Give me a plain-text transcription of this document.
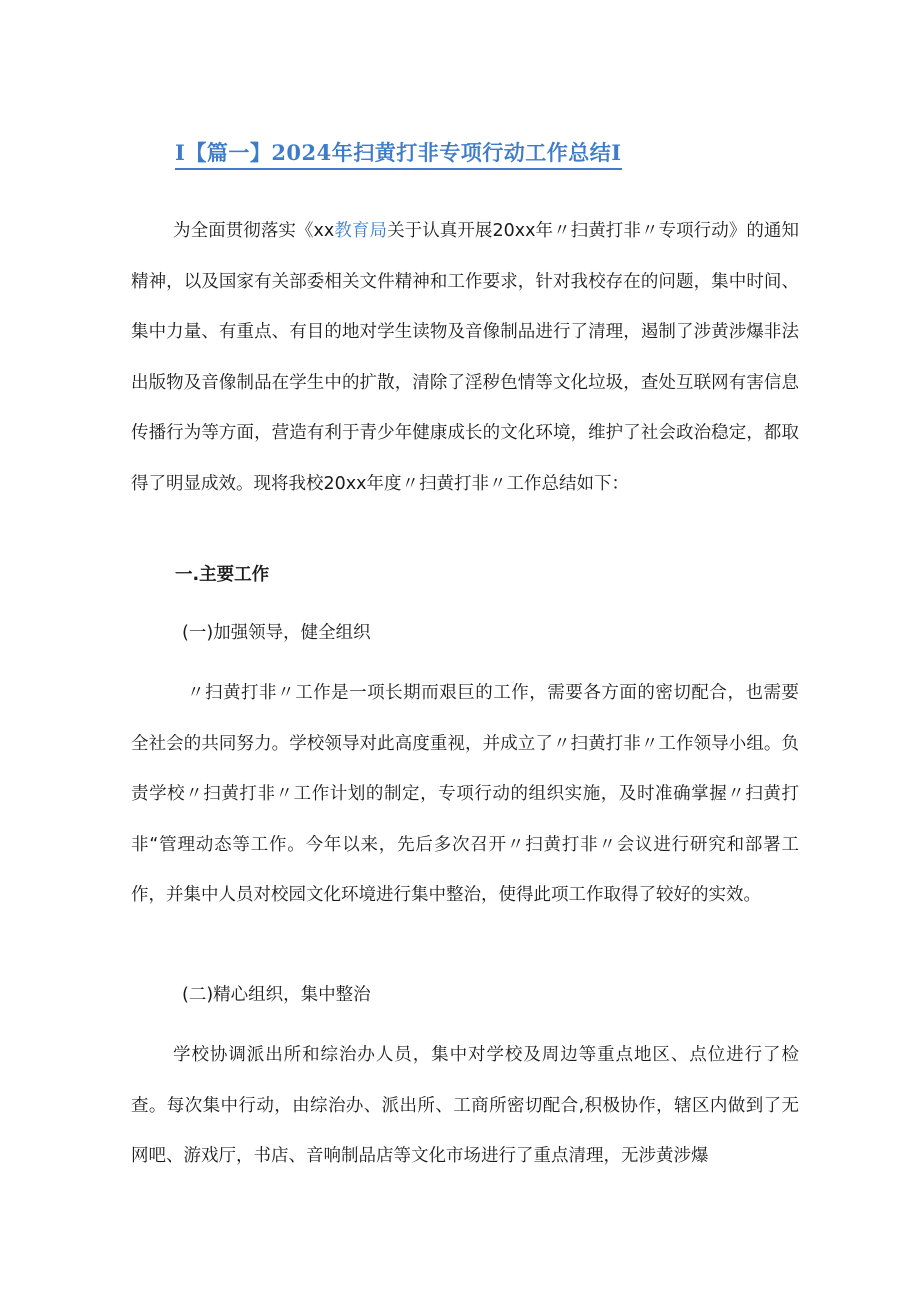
I【篇一】2024年扫黄打非专项行动工作总结I

为全面贯彻落实《xx教育局关于认真开展20xx年〃扫黄打非〃专项行动》的通知精神，以及国家有关部委相关文件精神和工作要求，针对我校存在的问题，集中时间、集中力量、有重点、有目的地对学生读物及音像制品进行了清理，遏制了涉黄涉爆非法出版物及音像制品在学生中的扩散，清除了淫秽色情等文化垃圾，查处互联网有害信息传播行为等方面，营造有利于青少年健康成长的文化环境，维护了社会政治稳定，都取得了明显成效。现将我校20xx年度〃扫黄打非〃工作总结如下：

一.主要工作
(一)加强领导，健全组织

〃扫黄打非〃工作是一项长期而艰巨的工作，需要各方面的密切配合，也需要全社会的共同努力。学校领导对此高度重视，并成立了〃扫黄打非〃工作领导小组。负责学校〃扫黄打非〃工作计划的制定，专项行动的组织实施，及时准确掌握〃扫黄打非“管理动态等工作。今年以来，先后多次召开〃扫黄打非〃会议进行研究和部署工作，并集中人员对校园文化环境进行集中整治，使得此项工作取得了较好的实效。

(二)精心组织，集中整治

学校协调派出所和综治办人员，集中对学校及周边等重点地区、点位进行了检查。每次集中行动，由综治办、派出所、工商所密切配合,积极协作，辖区内做到了无网吧、游戏厅，书店、音响制品店等文化市场进行了重点清理，无涉黄涉爆
